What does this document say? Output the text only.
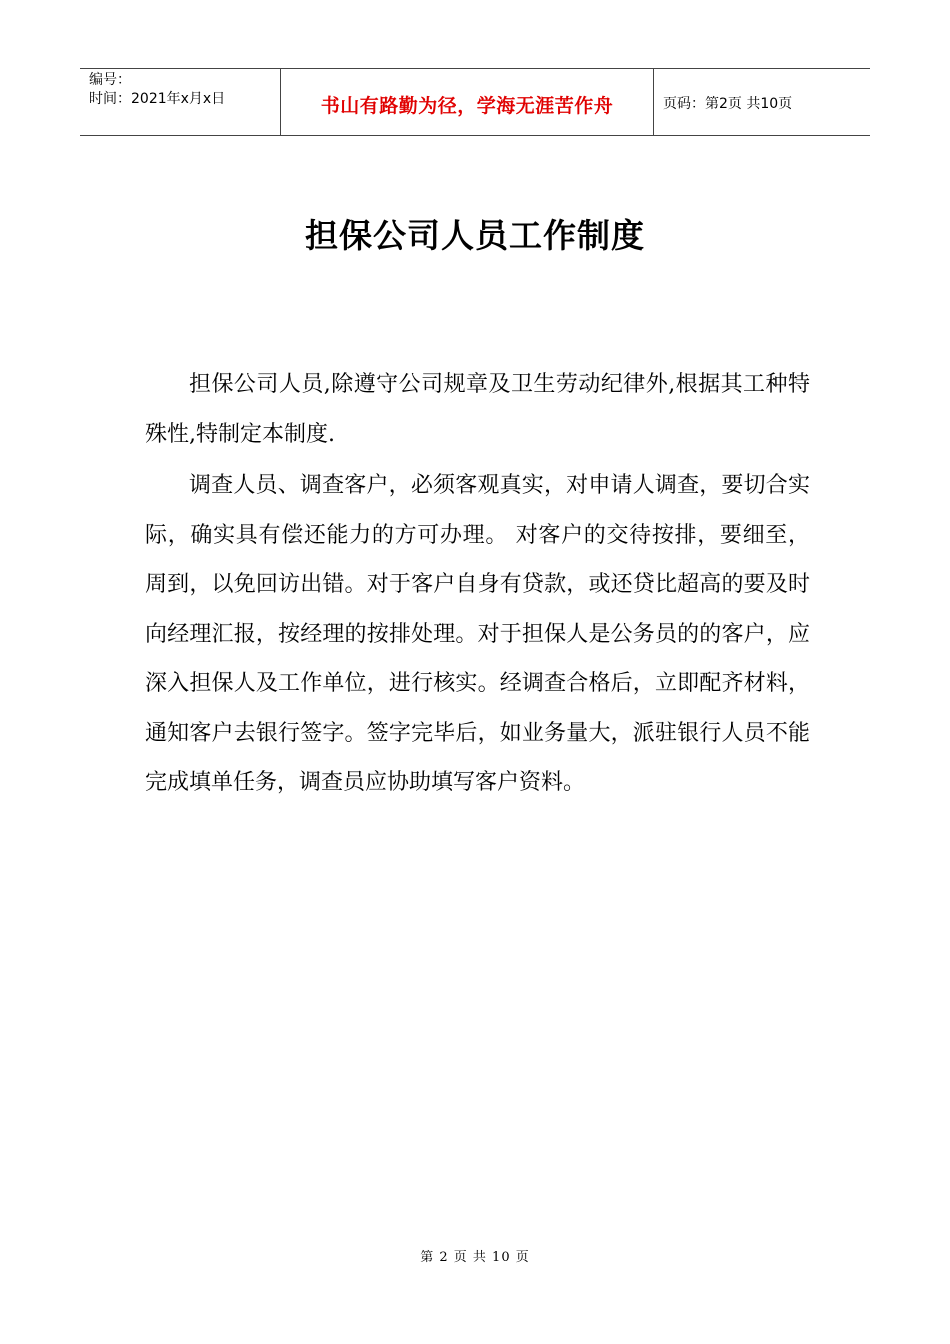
编号：
时间：2021年x月x日	书山有路勤为径，学海无涯苦作舟	页码：第2页 共10页
担保公司人员工作制度

担保公司人员,除遵守公司规章及卫生劳动纪律外,根据其工种特殊性,特制定本制度.

调查人员、调查客户，必须客观真实，对申请人调查，要切合实际，确实具有偿还能力的方可办理。 对客户的交待按排，要细至，周到，以免回访出错。对于客户自身有贷款，或还贷比超高的要及时向经理汇报，按经理的按排处理。对于担保人是公务员的的客户，应深入担保人及工作单位，进行核实。经调查合格后，立即配齐材料，通知客户去银行签字。签字完毕后，如业务量大，派驻银行人员不能完成填单任务，调查员应协助填写客户资料。

第 2 页 共 10 页
